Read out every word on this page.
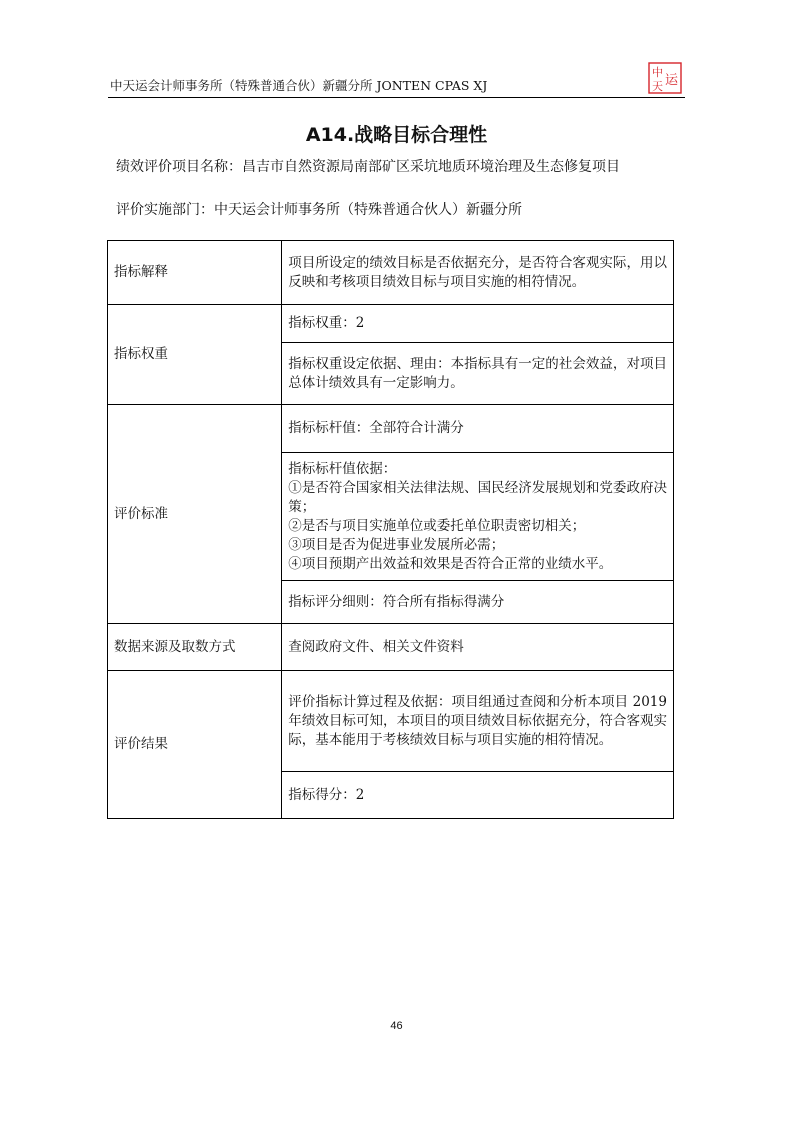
中天运会计师事务所（特殊普通合伙）新疆分所 JONTEN CPAS XJ
中
天 运
A14.战略目标合理性
绩效评价项目名称：昌吉市自然资源局南部矿区采坑地质环境治理及生态修复项目
评价实施部门：中天运会计师事务所（特殊普通合伙人）新疆分所
指标解释	项目所设定的绩效目标是否依据充分，是否符合客观实际，用以反映和考核项目绩效目标与项目实施的相符情况。
指标权重	指标权重：2
	指标权重设定依据、理由：本指标具有一定的社会效益，对项目总体计绩效具有一定影响力。
评价标准	指标标杆值：全部符合计满分

	指标标杆值依据：
①是否符合国家相关法律法规、国民经济发展规划和党委政府决策；
②是否与项目实施单位或委托单位职责密切相关；
③项目是否为促进事业发展所必需；
④项目预期产出效益和效果是否符合正常的业绩水平。

	指标评分细则：符合所有指标得满分
数据来源及取数方式	查阅政府文件、相关文件资料
评价结果	评价指标计算过程及依据：项目组通过查阅和分析本项目 2019 年绩效目标可知，本项目的项目绩效目标依据充分，符合客观实际，基本能用于考核绩效目标与项目实施的相符情况。
	指标得分：2
46
